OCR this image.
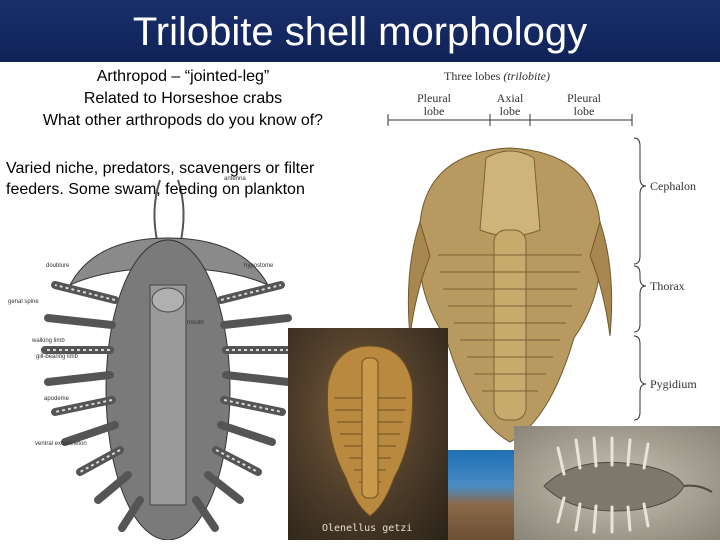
Trilobite shell morphology
Arthropod – “jointed-leg”
Related to Horseshoe crabs
What other arthropods do you know of?
doublure	hypostome
genal spine
mouth
walking limb
gill-bearing limb
apodeme
ventral exoskeleton
antenna
Varied niche, predators, scavengers or filter feeders. Some swam, feeding on plankton
Three lobes (trilobite)
Pleural
lobe
Axial
lobe
Pleural
lobe
Cephalon
Thorax
Pygidium
Olenellus getzi
